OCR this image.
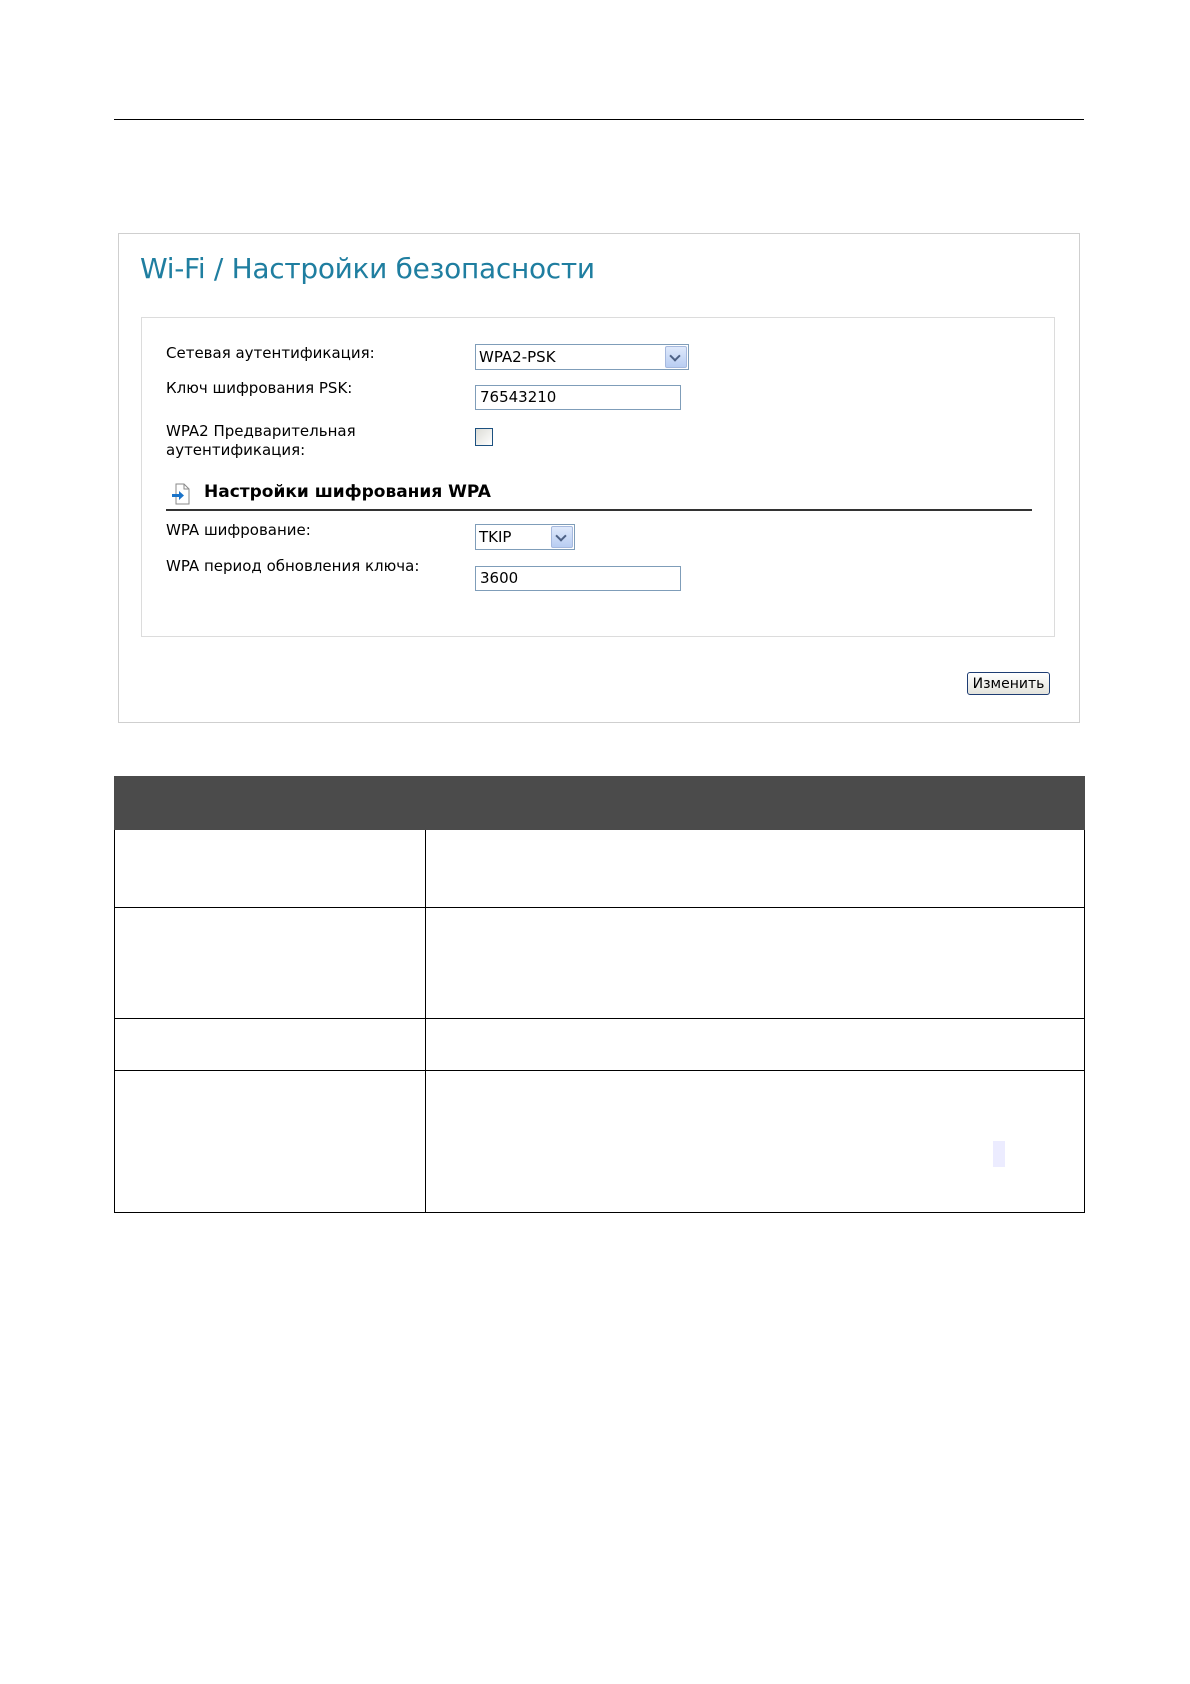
Wi-Fi / Настройки безопасности
Сетевая аутентификация:	WPA2-PSK
Ключ шифрования PSK:	76543210
WPA2 Предварительная
аутентификация:
Настройки шифрования WPA
WPA шифрование:	TKIP
WPA период обновления ключа:
3600
Изменить
